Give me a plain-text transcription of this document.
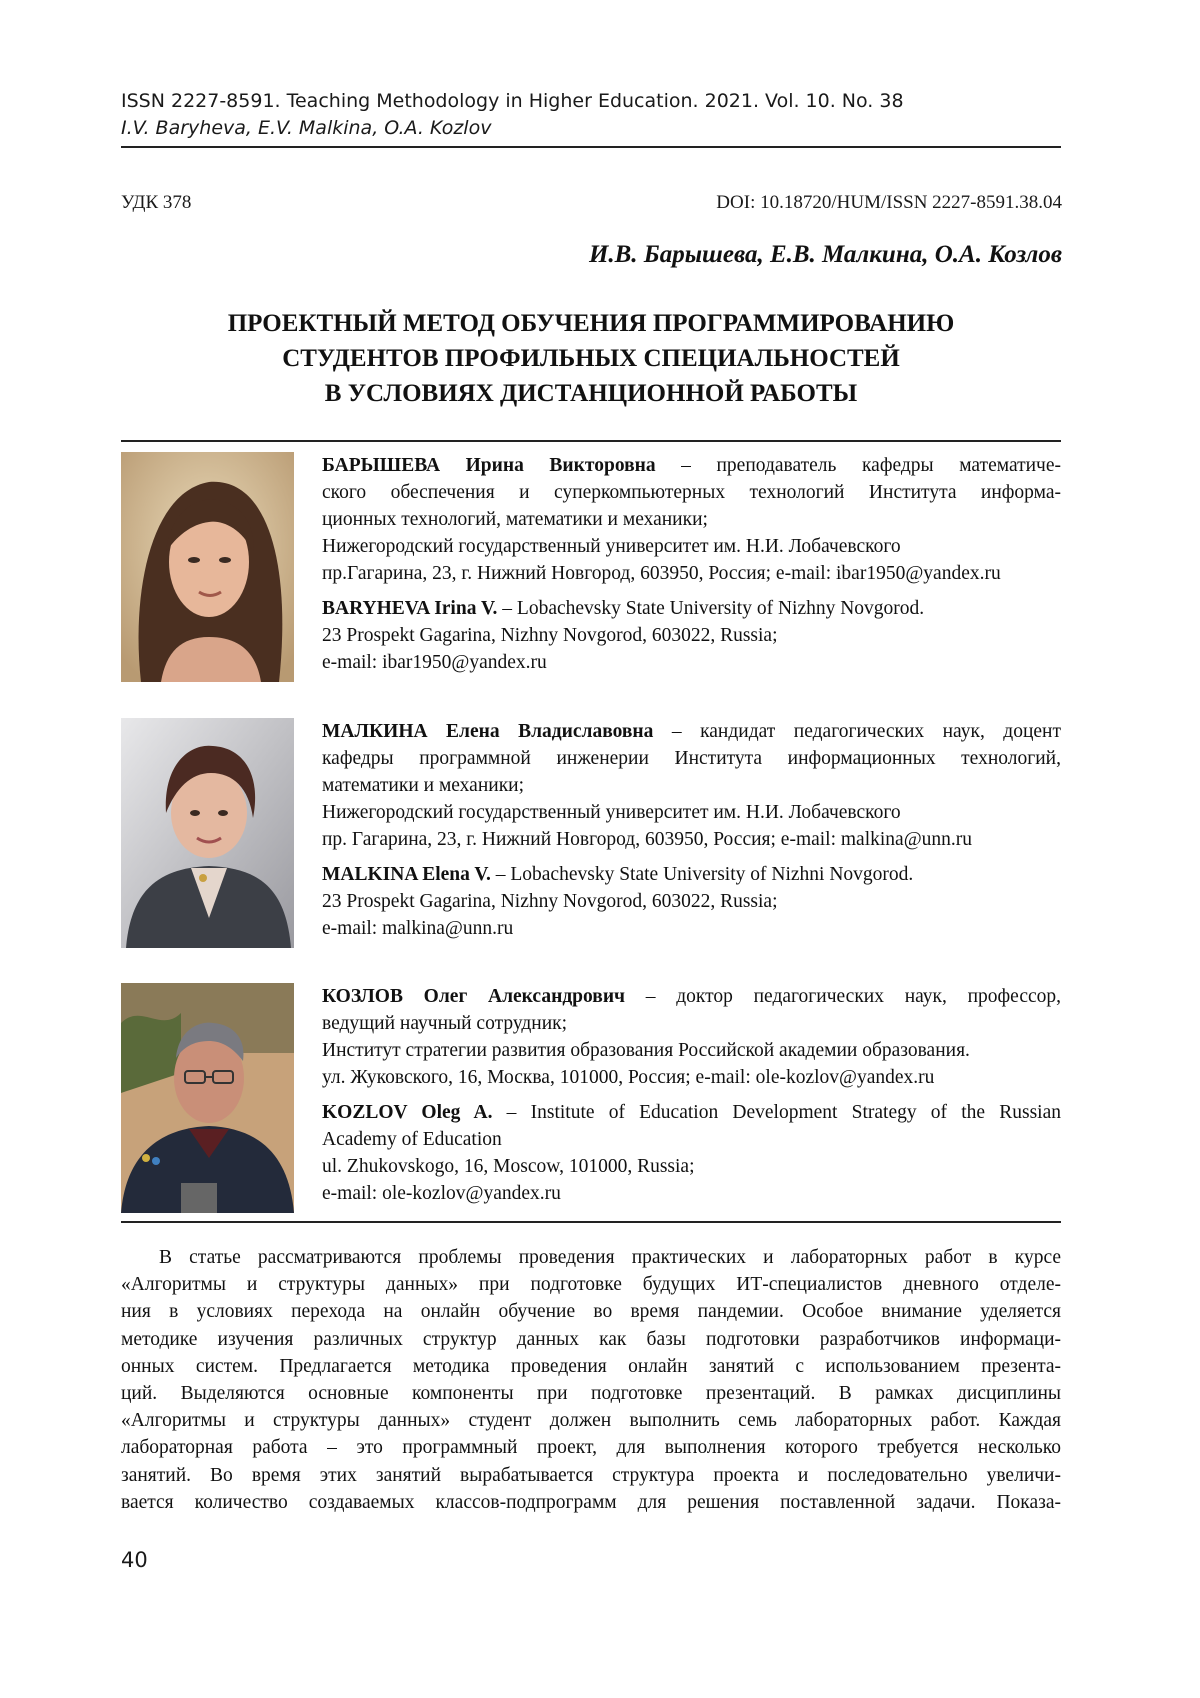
ISSN 2227-8591. Teaching Methodology in Higher Education. 2021. Vol. 10. No. 38
I.V. Baryheva, E.V. Malkina, O.A. Kozlov
УДК 378	DOI: 10.18720/HUM/ISSN 2227-8591.38.04
И.В. Барышева, Е.В. Малкина, О.А. Козлов
ПРОЕКТНЫЙ МЕТОД ОБУЧЕНИЯ ПРОГРАММИРОВАНИЮ
СТУДЕНТОВ ПРОФИЛЬНЫХ СПЕЦИАЛЬНОСТЕЙ
В УСЛОВИЯХ ДИСТАНЦИОННОЙ РАБОТЫ
БАРЫШЕВА Ирина Викторовна – преподаватель кафедры математиче-
ского обеспечения и суперкомпьютерных технологий Института информа-
ционных технологий, математики и механики;
Нижегородский государственный университет им. Н.И. Лобачевского
пр.Гагарина, 23, г. Нижний Новгород, 603950, Россия; e-mail: ibar1950@yandex.ru
BARYHEVA Irina V. – Lobachevsky State University of Nizhny Novgorod.
23 Prospekt Gagarina, Nizhny Novgorod, 603022, Russia;
e-mail: ibar1950@yandex.ru
МАЛКИНА Елена Владиславовна – кандидат педагогических наук, доцент
кафедры программной инженерии Института информационных технологий,
математики и механики;
Нижегородский государственный университет им. Н.И. Лобачевского
пр. Гагарина, 23, г. Нижний Новгород, 603950, Россия; e-mail: malkina@unn.ru
MALKINA Elena V. – Lobachevsky State University of Nizhni Novgorod.
23 Prospekt Gagarina, Nizhny Novgorod, 603022, Russia;
e-mail: malkina@unn.ru
КОЗЛОВ Олег Александрович – доктор педагогических наук, профессор,
ведущий научный сотрудник;
Институт стратегии развития образования Российской академии образования.
ул. Жуковского, 16, Москва, 101000, Россия; e-mail: ole-kozlov@yandex.ru
KOZLOV Oleg A. – Institute of Education Development Strategy of the Russian
Academy of Education
ul. Zhukovskogo, 16, Moscow, 101000, Russia;
e-mail: ole-kozlov@yandex.ru
В статье рассматриваются проблемы проведения практических и лабораторных работ в курсе
«Алгоритмы и структуры данных» при подготовке будущих ИТ-специалистов дневного отделе-
ния в условиях перехода на онлайн обучение во время пандемии. Особое внимание уделяется
методике изучения различных структур данных как базы подготовки разработчиков информаци-
онных систем. Предлагается методика проведения онлайн занятий с использованием презента-
ций. Выделяются основные компоненты при подготовке презентаций. В рамках дисциплины
«Алгоритмы и структуры данных» студент должен выполнить семь лабораторных работ. Каждая
лабораторная работа – это программный проект, для выполнения которого требуется несколько
занятий. Во время этих занятий вырабатывается структура проекта и последовательно увеличи-
вается количество создаваемых классов-подпрограмм для решения поставленной задачи. Показа-
40
